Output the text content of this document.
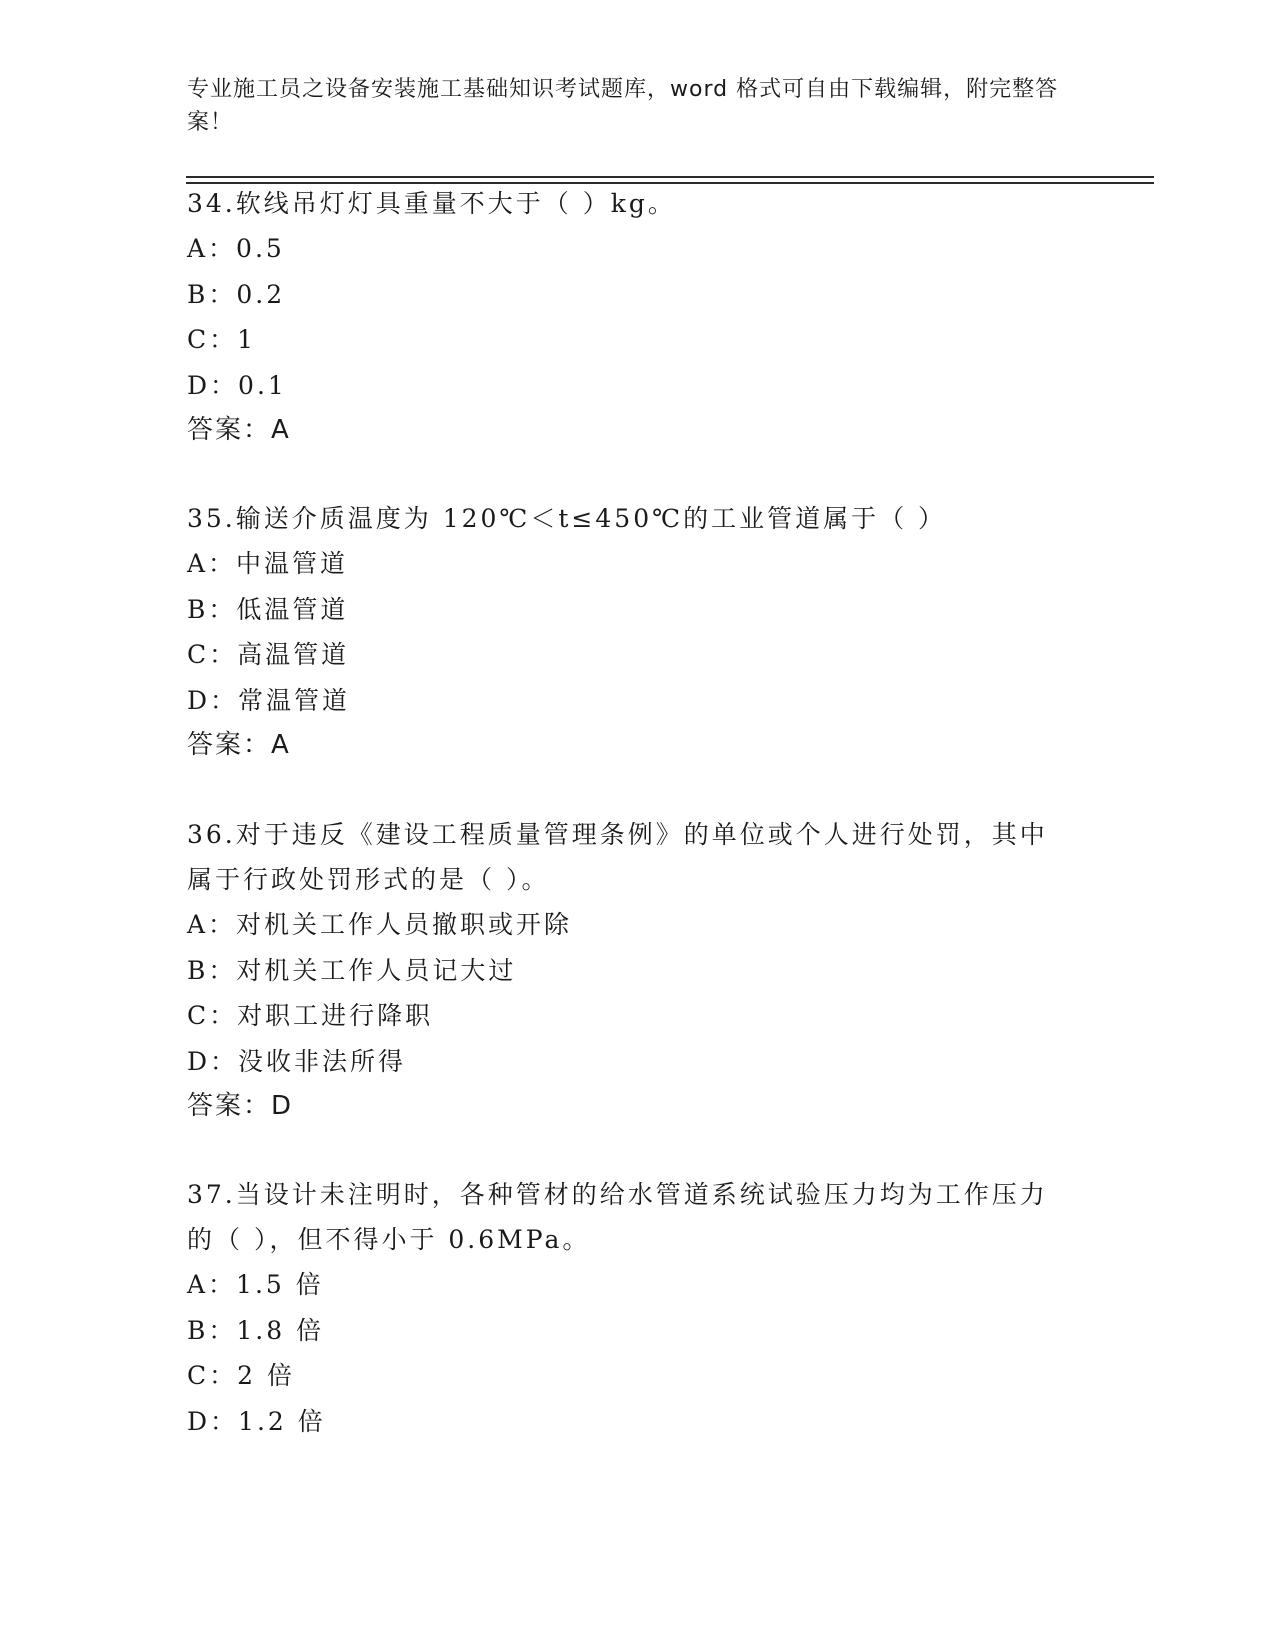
专业施工员之设备安装施工基础知识考试题库，word 格式可自由下载编辑，附完整答案！
34.软线吊灯灯具重量不大于（ ）kg。
A：0.5
B：0.2
C：1
D：0.1
答案：A
35.输送介质温度为 120℃＜t≤450℃的工业管道属于（ ）
A：中温管道
B：低温管道
C：高温管道
D：常温管道
答案：A
36.对于违反《建设工程质量管理条例》的单位或个人进行处罚，其中属于行政处罚形式的是（ ）。
A：对机关工作人员撤职或开除
B：对机关工作人员记大过
C：对职工进行降职
D：没收非法所得
答案：D
37.当设计未注明时，各种管材的给水管道系统试验压力均为工作压力的（ ），但不得小于 0.6MPa。
A：1.5 倍
B：1.8 倍
C：2 倍
D：1.2 倍
